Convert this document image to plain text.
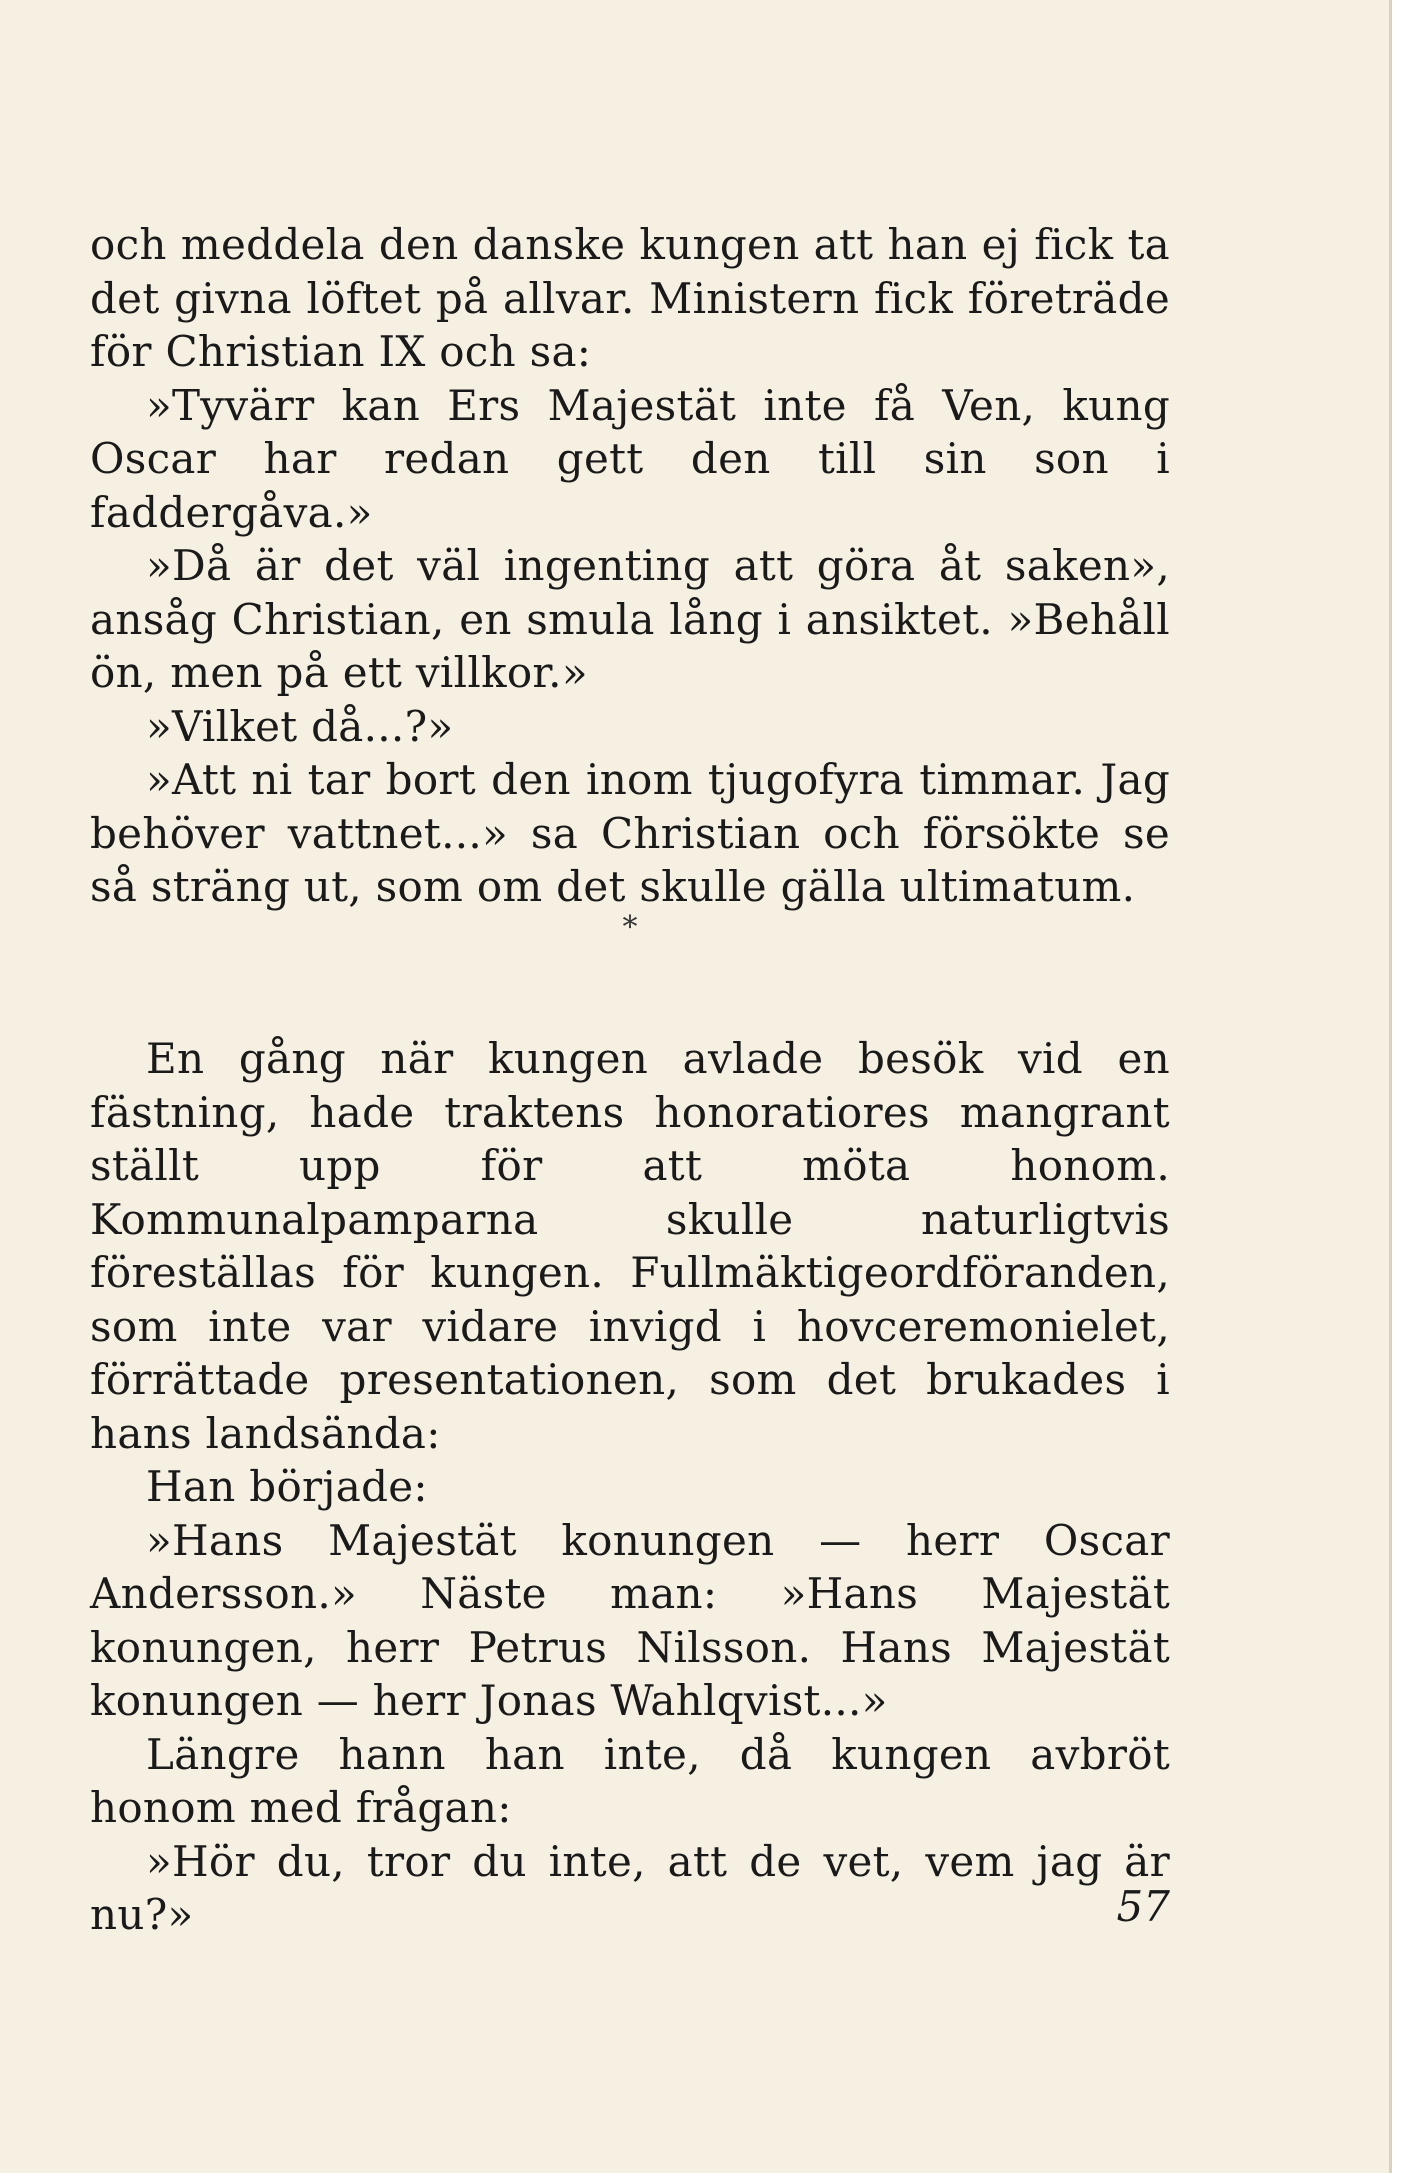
och meddela den danske kungen att han ej fick ta det givna löftet på allvar. Ministern fick företräde för Christian IX och sa:

»Tyvärr kan Ers Majestät inte få Ven, kung Oscar har redan gett den till sin son i faddergåva.»

»Då är det väl ingenting att göra åt saken», ansåg Christian, en smula lång i ansiktet. »Behåll ön, men på ett villkor.»

»Vilket då...?»

»Att ni tar bort den inom tjugofyra timmar. Jag behöver vattnet...» sa Christian och försökte se så sträng ut, som om det skulle gälla ultimatum.

*

En gång när kungen avlade besök vid en fästning, hade traktens honoratiores mangrant ställt upp för att möta honom. Kommunalpamparna skulle naturligtvis föreställas för kungen. Fullmäktigeordföranden, som inte var vidare invigd i hovceremonielet, förrättade presentationen, som det brukades i hans landsända:

Han började:

»Hans Majestät konungen — herr Oscar Andersson.» Näste man: »Hans Majestät konungen, herr Petrus Nilsson. Hans Majestät konungen — herr Jonas Wahlqvist...»

Längre hann han inte, då kungen avbröt honom med frågan:

»Hör du, tror du inte, att de vet, vem jag är nu?»	57
